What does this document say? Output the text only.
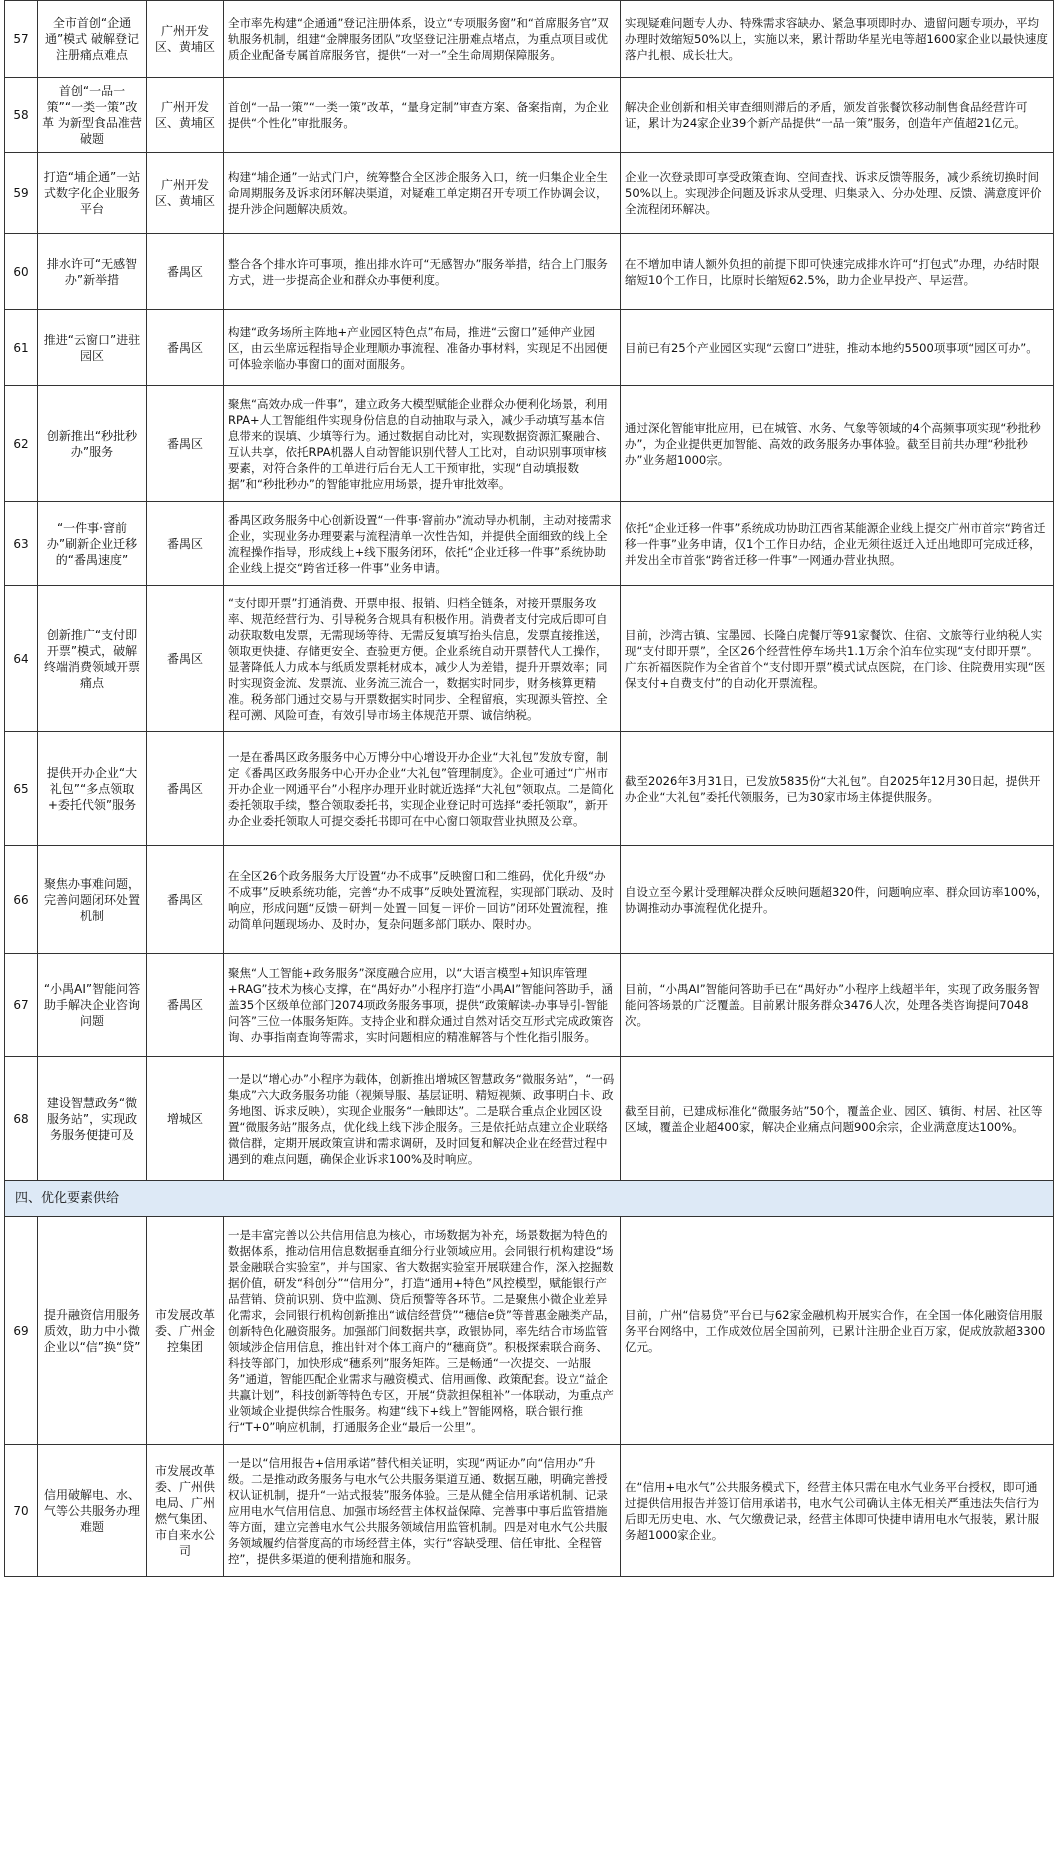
57	全市首创“企通通”模式 破解登记注册痛点难点	广州开发区、黄埔区	全市率先构建“企通通”登记注册体系，设立“专项服务窗”和“首席服务官”双轨服务机制，组建“金牌服务团队”攻坚登记注册难点堵点，为重点项目或优质企业配备专属首席服务官，提供“一对一”全生命周期保障服务。	实现疑难问题专人办、特殊需求容缺办、紧急事项即时办、遗留问题专项办，平均办理时效缩短50%以上，实施以来，累计帮助华星光电等超1600家企业以最快速度落户扎根、成长壮大。
58	首创“一品一策”“一类一策”改革 为新型食品准营破题	广州开发区、黄埔区	首创“一品一策”“一类一策”改革，“量身定制”审查方案、备案指南，为企业提供“个性化”审批服务。	解决企业创新和相关审查细则滞后的矛盾，颁发首张餐饮移动制售食品经营许可证，累计为24家企业39个新产品提供“一品一策”服务，创造年产值超21亿元。
59	打造“埔企通”一站式数字化企业服务平台	广州开发区、黄埔区	构建“埔企通”一站式门户，统筹整合全区涉企服务入口，统一归集企业全生命周期服务及诉求闭环解决渠道，对疑难工单定期召开专项工作协调会议，提升涉企问题解决质效。	企业一次登录即可享受政策查询、空间查找、诉求反馈等服务，减少系统切换时间50%以上。实现涉企问题及诉求从受理、归集录入、分办处理、反馈、满意度评价全流程闭环解决。
60	排水许可“无感智办”新举措	番禺区	整合各个排水许可事项，推出排水许可“无感智办”服务举措，结合上门服务方式，进一步提高企业和群众办事便利度。	在不增加申请人额外负担的前提下即可快速完成排水许可“打包式”办理，办结时限缩短10个工作日，比原时长缩短62.5%，助力企业早投产、早运营。
61	推进“云窗口”进驻园区	番禺区	构建“政务场所主阵地+产业园区特色点”布局，推进“云窗口”延伸产业园区，由云坐席远程指导企业理顺办事流程、准备办事材料，实现足不出园便可体验亲临办事窗口的面对面服务。	目前已有25个产业园区实现“云窗口”进驻，推动本地约5500项事项“园区可办”。
62	创新推出“秒批秒办”服务	番禺区	聚焦“高效办成一件事”，建立政务大模型赋能企业群众办便利化场景，利用RPA+人工智能组件实现身份信息的自动抽取与录入，减少手动填写基本信息带来的误填、少填等行为。通过数据自动比对，实现数据资源汇聚融合、互认共享，依托RPA机器人自动智能识别代替人工比对，自动识别事项审核要素，对符合条件的工单进行后台无人工干预审批，实现“自动填报数据”和“秒批秒办”的智能审批应用场景，提升审批效率。	通过深化智能审批应用，已在城管、水务、气象等领域的4个高频事项实现“秒批秒办”，为企业提供更加智能、高效的政务服务办事体验。截至目前共办理“秒批秒办”业务超1000宗。
63	“一件事·窨前办”刷新企业迁移的“番禺速度”	番禺区	番禺区政务服务中心创新设置“一件事·窨前办”流动导办机制，主动对接需求企业，实现业务办理要素与流程清单一次性告知，并提供全面细致的线上全流程操作指导，形成线上+线下服务闭环，依托“企业迁移一件事”系统协助企业线上提交“跨省迁移一件事”业务申请。	依托“企业迁移一件事”系统成功协助江西省某能源企业线上提交广州市首宗“跨省迁移一件事”业务申请，仅1个工作日办结，企业无须往返迁入迁出地即可完成迁移，并发出全市首张“跨省迁移一件事”一网通办营业执照。
64	创新推广“支付即开票”模式，破解终端消费领域开票痛点	番禺区	“支付即开票”打通消费、开票申报、报销、归档全链条，对接开票服务攻率、规范经营行为、引导税务合规具有积极作用。消费者支付完成后即可自动获取数电发票，无需现场等待、无需反复填写抬头信息，发票直接推送，领取更快捷、存储更安全、查验更方便。企业系统自动开票替代人工操作，显著降低人力成本与纸质发票耗材成本，减少人为差错，提升开票效率；同时实现资金流、发票流、业务流三流合一，数据实时同步，财务核算更精准。税务部门通过交易与开票数据实时同步、全程留痕，实现源头管控、全程可溯、风险可查，有效引导市场主体规范开票、诚信纳税。	目前，沙湾古镇、宝墨园、长隆白虎餐厅等91家餐饮、住宿、文旅等行业纳税人实现“支付即开票”，全区26个经营性停车场共1.1万余个泊车位实现“支付即开票”。广东祈福医院作为全省首个“支付即开票”模式试点医院，在门诊、住院费用实现“医保支付+自费支付”的自动化开票流程。
65	提供开办企业“大礼包”“多点领取+委托代领”服务	番禺区	一是在番禺区政务服务中心万博分中心增设开办企业“大礼包”发放专窗，制定《番禺区政务服务中心开办企业“大礼包”管理制度》。企业可通过“广州市开办企业一网通平台”小程序办理开业时就近选择“大礼包”领取点。二是简化委托领取手续，整合领取委托书，实现企业登记时可选择“委托领取”，新开办企业委托领取人可提交委托书即可在中心窗口领取营业执照及公章。	截至2026年3月31日，已发放5835份“大礼包”。自2025年12月30日起，提供开办企业“大礼包”委托代领服务，已为30家市场主体提供服务。
66	聚焦办事难问题，完善问题闭环处置机制	番禺区	在全区26个政务服务大厅设置“办不成事”反映窗口和二维码，优化升级“办不成事”反映系统功能，完善“办不成事”反映处置流程，实现部门联动、及时响应，形成问题“反馈－研判－处置－回复－评价－回访”闭环处置流程，推动简单问题现场办、及时办，复杂问题多部门联办、限时办。	自设立至今累计受理解决群众反映问题超320件，问题响应率、群众回访率100%，协调推动办事流程优化提升。
67	“小禺AI”智能问答助手解决企业咨询问题	番禺区	聚焦“人工智能+政务服务”深度融合应用，以“大语言模型+知识库管理+RAG”技术为核心支撑，在“禺好办”小程序打造“小禺AI”智能问答助手，涵盖35个区级单位部门2074项政务服务事项，提供“政策解读-办事导引-智能问答”三位一体服务矩阵。支持企业和群众通过自然对话交互形式完成政策咨询、办事指南查询等需求，实时问题相应的精准解答与个性化指引服务。	目前，“小禺AI”智能问答助手已在“禺好办”小程序上线超半年，实现了政务服务智能问答场景的广泛覆盖。目前累计服务群众3476人次，处理各类咨询提问7048次。
68	建设智慧政务“微服务站”，实现政务服务便捷可及	增城区	一是以“增心办”小程序为载体，创新推出增城区智慧政务“微服务站”，“一码集成”六大政务服务功能（视频导服、基层证明、精短视频、政事明白卡、政务地图、诉求反映），实现企业服务“一触即达”。二是联合重点企业园区设置“微服务站”服务点，优化线上线下涉企服务。三是依托站点建立企业联络微信群，定期开展政策宣讲和需求调研，及时回复和解决企业在经营过程中遇到的难点问题，确保企业诉求100%及时响应。	截至目前，已建成标准化“微服务站”50个，覆盖企业、园区、镇街、村居、社区等区域，覆盖企业超400家，解决企业痛点问题900余宗，企业满意度达100%。
四、优化要素供给				
69	提升融资信用服务质效，助力中小微企业以“信”换“贷”	市发展改革委、广州金控集团	一是丰富完善以公共信用信息为核心，市场数据为补充，场景数据为特色的数据体系，推动信用信息数据垂直细分行业领域应用。会同银行机构建设“场景金融联合实验室”，并与国家、省大数据实验室开展联建合作，深入挖掘数据价值，研发“科创分”“信用分”，打造“通用+特色”风控模型，赋能银行产品营销、贷前识别、贷中监测、贷后预警等各环节。二是聚焦小微企业差异化需求，会同银行机构创新推出“诚信经营贷”“穗信e贷”等普惠金融类产品，创新特色化融资服务。加强部门间数据共享，政银协同，率先结合市场监管领域涉企信用信息，推出针对个体工商户的“穗商贷”。积极探索联合商务、科技等部门，加快形成“穗系列”服务矩阵。三是畅通“一次提交、一站服务”通道，智能匹配企业需求与融资模式、信用画像、政策配套。设立“益企共赢计划”，科技创新等特色专区，开展“贷款担保租补”一体联动，为重点产业领域企业提供综合性服务。构建“线下+线上”智能网格，联合银行推行“T+0”响应机制，打通服务企业“最后一公里”。	目前，广州“信易贷”平台已与62家金融机构开展实合作，在全国一体化融资信用服务平台网络中，工作成效位居全国前列，已累计注册企业百万家，促成放款超3300亿元。
70	信用破解电、水、气等公共服务办理难题	市发展改革委、广州供电局、广州燃气集团、市自来水公司	一是以“信用报告+信用承诺”替代相关证明，实现“两证办”向“信用办”升级。二是推动政务服务与电水气公共服务渠道互通、数据互融，明确完善授权认证机制，提升“一站式报装”服务体验。三是从健全信用承诺机制、记录应用电水气信用信息、加强市场经营主体权益保障、完善事中事后监管措施等方面，建立完善电水气公共服务领域信用监管机制。四是对电水气公共服务领域履约信誉度高的市场经营主体，实行“容缺受理、信任审批、全程管控”，提供多渠道的便利措施和服务。	在“信用+电水气”公共服务模式下，经营主体只需在电水气业务平台授权，即可通过提供信用报告并签订信用承诺书，电水气公司确认主体无相关严重违法失信行为后即无历史电、水、气欠缴费记录，经营主体即可快捷申请用电水气报装，累计服务超1000家企业。
